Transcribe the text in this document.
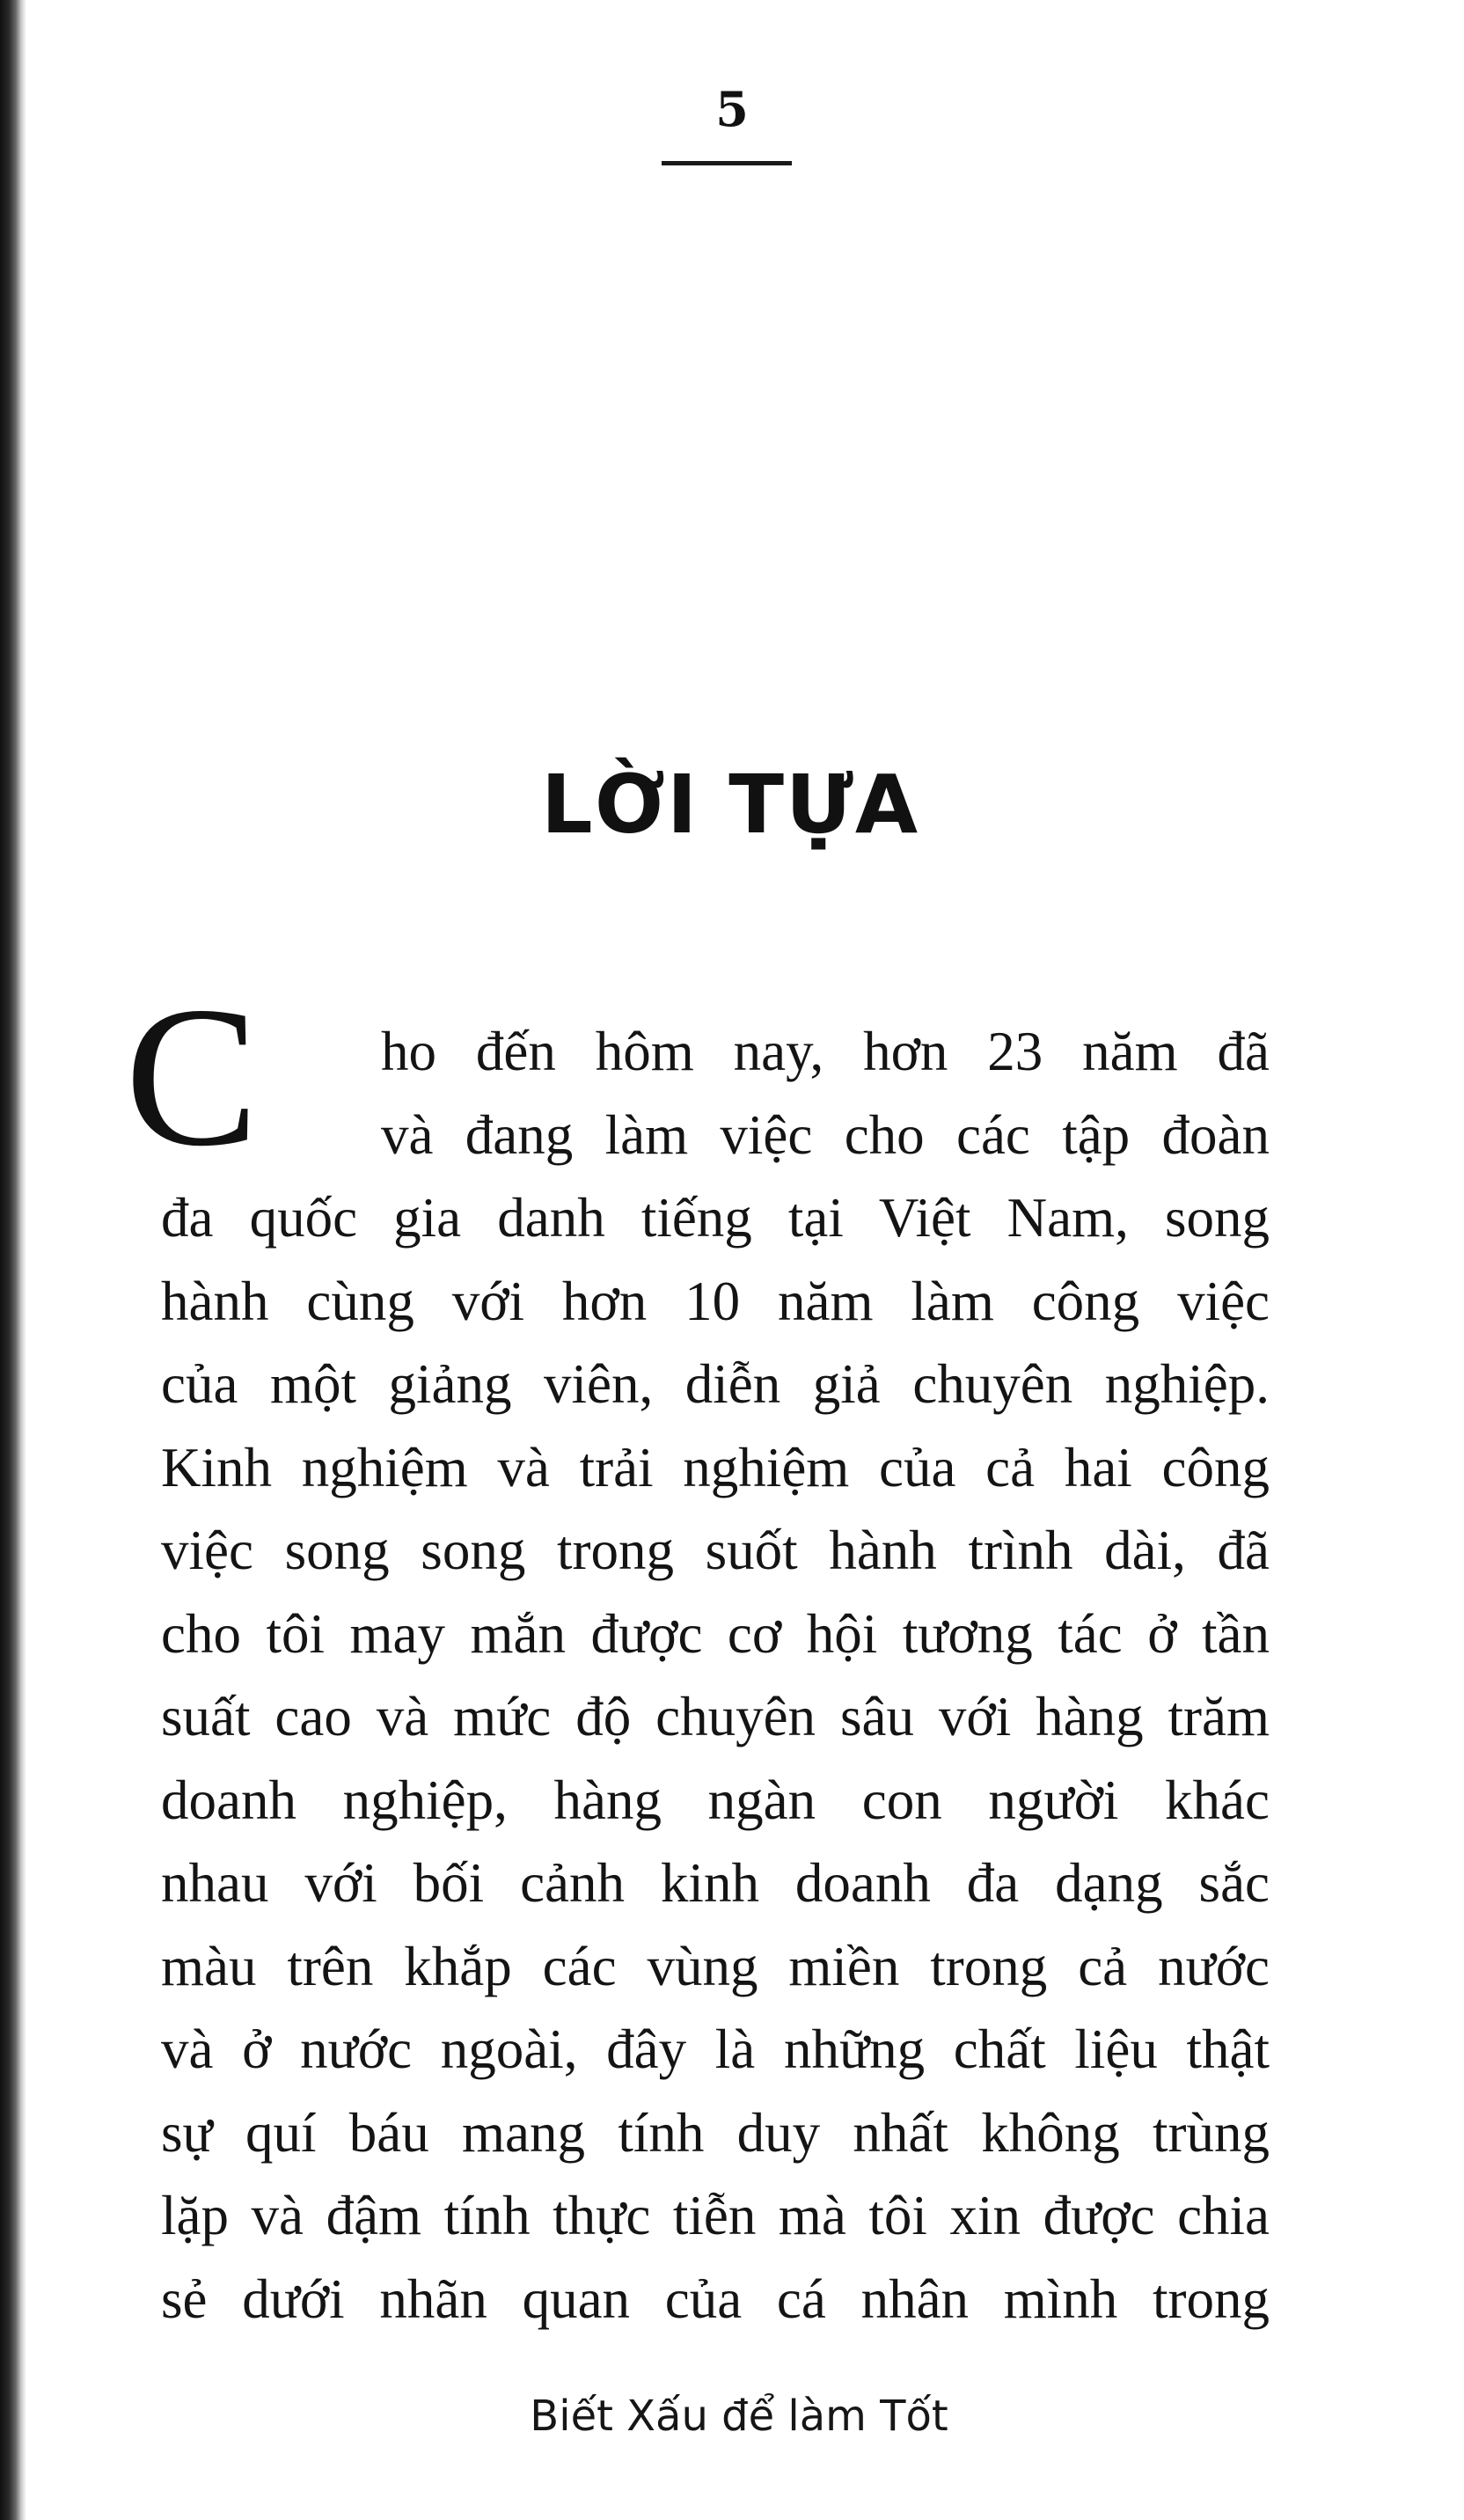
5
LỜI TỰA
C	ho đến hôm nay, hơn 23 năm đã
và đang làm việc cho các tập đoàn
đa quốc gia danh tiếng tại Việt Nam, song
hành cùng với hơn 10 năm làm công việc
của một giảng viên, diễn giả chuyên nghiệp.
Kinh nghiệm và trải nghiệm của cả hai công
việc song song trong suốt hành trình dài, đã
cho tôi may mắn được cơ hội tương tác ở tần
suất cao và mức độ chuyên sâu với hàng trăm
doanh nghiệp, hàng ngàn con người khác
nhau với bối cảnh kinh doanh đa dạng sắc
màu trên khắp các vùng miền trong cả nước
và ở nước ngoài, đây là những chất liệu thật
sự quí báu mang tính duy nhất không trùng
lặp và đậm tính thực tiễn mà tôi xin được chia
sẻ dưới nhãn quan của cá nhân mình trong
Biết Xấu để làm Tốt
